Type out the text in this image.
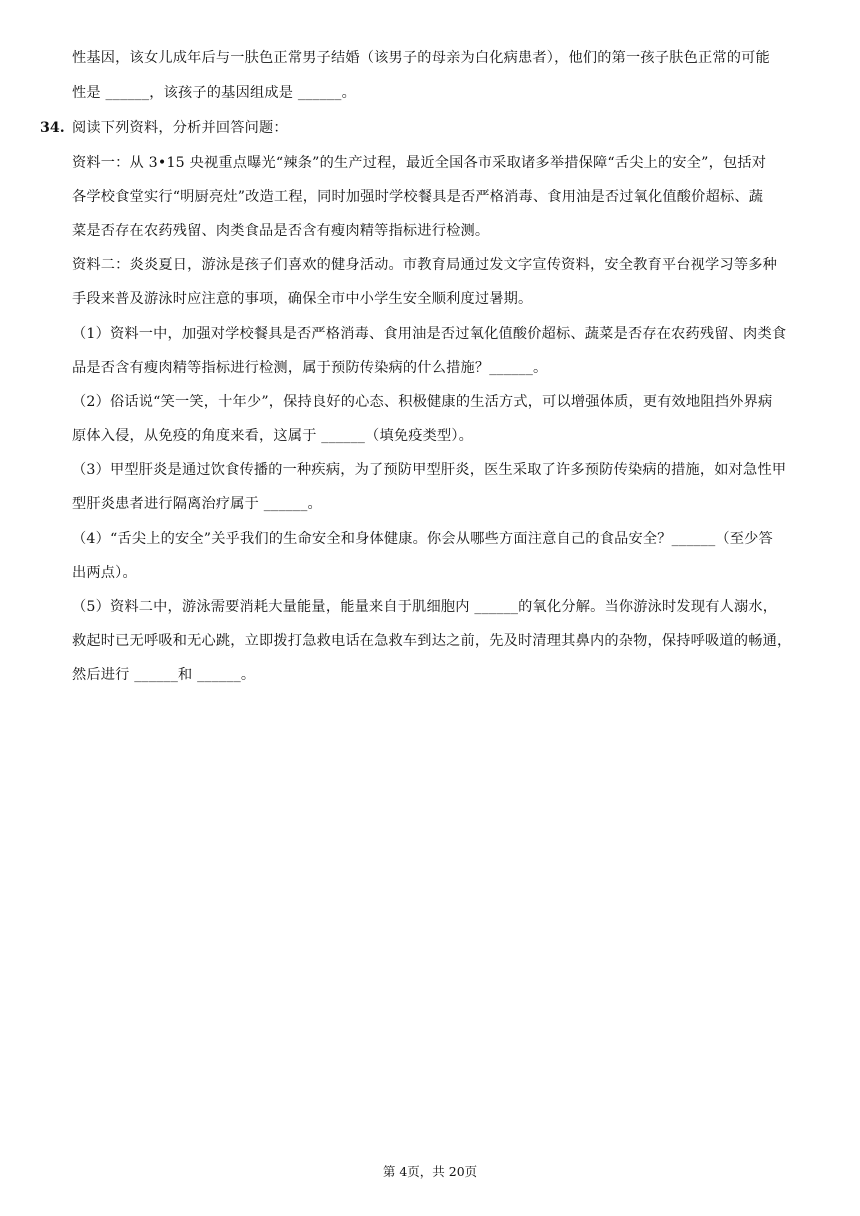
性基因，该女儿成年后与一肤色正常男子结婚（该男子的母亲为白化病患者），他们的第一孩子肤色正常的可能
性是 ______，该孩子的基因组成是 ______。
34. 阅读下列资料，分析并回答问题：
资料一：从 3•15 央视重点曝光“辣条”的生产过程，最近全国各市采取诸多举措保障“舌尖上的安全”，包括对
各学校食堂实行“明厨亮灶”改造工程，同时加强时学校餐具是否严格消毒、食用油是否过氧化值酸价超标、蔬
菜是否存在农药残留、肉类食品是否含有瘦肉精等指标进行检测。
资料二：炎炎夏日，游泳是孩子们喜欢的健身活动。市教育局通过发文字宣传资料，安全教育平台视学习等多种
手段来普及游泳时应注意的事项，确保全市中小学生安全顺利度过暑期。
（1）资料一中，加强对学校餐具是否严格消毒、食用油是否过氧化值酸价超标、蔬菜是否存在农药残留、肉类食
品是否含有瘦肉精等指标进行检测，属于预防传染病的什么措施？______。
（2）俗话说“笑一笑，十年少”，保持良好的心态、积极健康的生活方式，可以增强体质，更有效地阻挡外界病
原体入侵，从免疫的角度来看，这属于 ______（填免疫类型）。
（3）甲型肝炎是通过饮食传播的一种疾病，为了预防甲型肝炎，医生采取了许多预防传染病的措施，如对急性甲
型肝炎患者进行隔离治疗属于 ______。
（4）“舌尖上的安全”关乎我们的生命安全和身体健康。你会从哪些方面注意自己的食品安全？______（至少答
出两点）。
（5）资料二中，游泳需要消耗大量能量，能量来自于肌细胞内 ______的氧化分解。当你游泳时发现有人溺水，
救起时已无呼吸和无心跳，立即拨打急救电话在急救车到达之前，先及时清理其鼻内的杂物，保持呼吸道的畅通，
然后进行 ______和 ______。
第 4页，共 20页
